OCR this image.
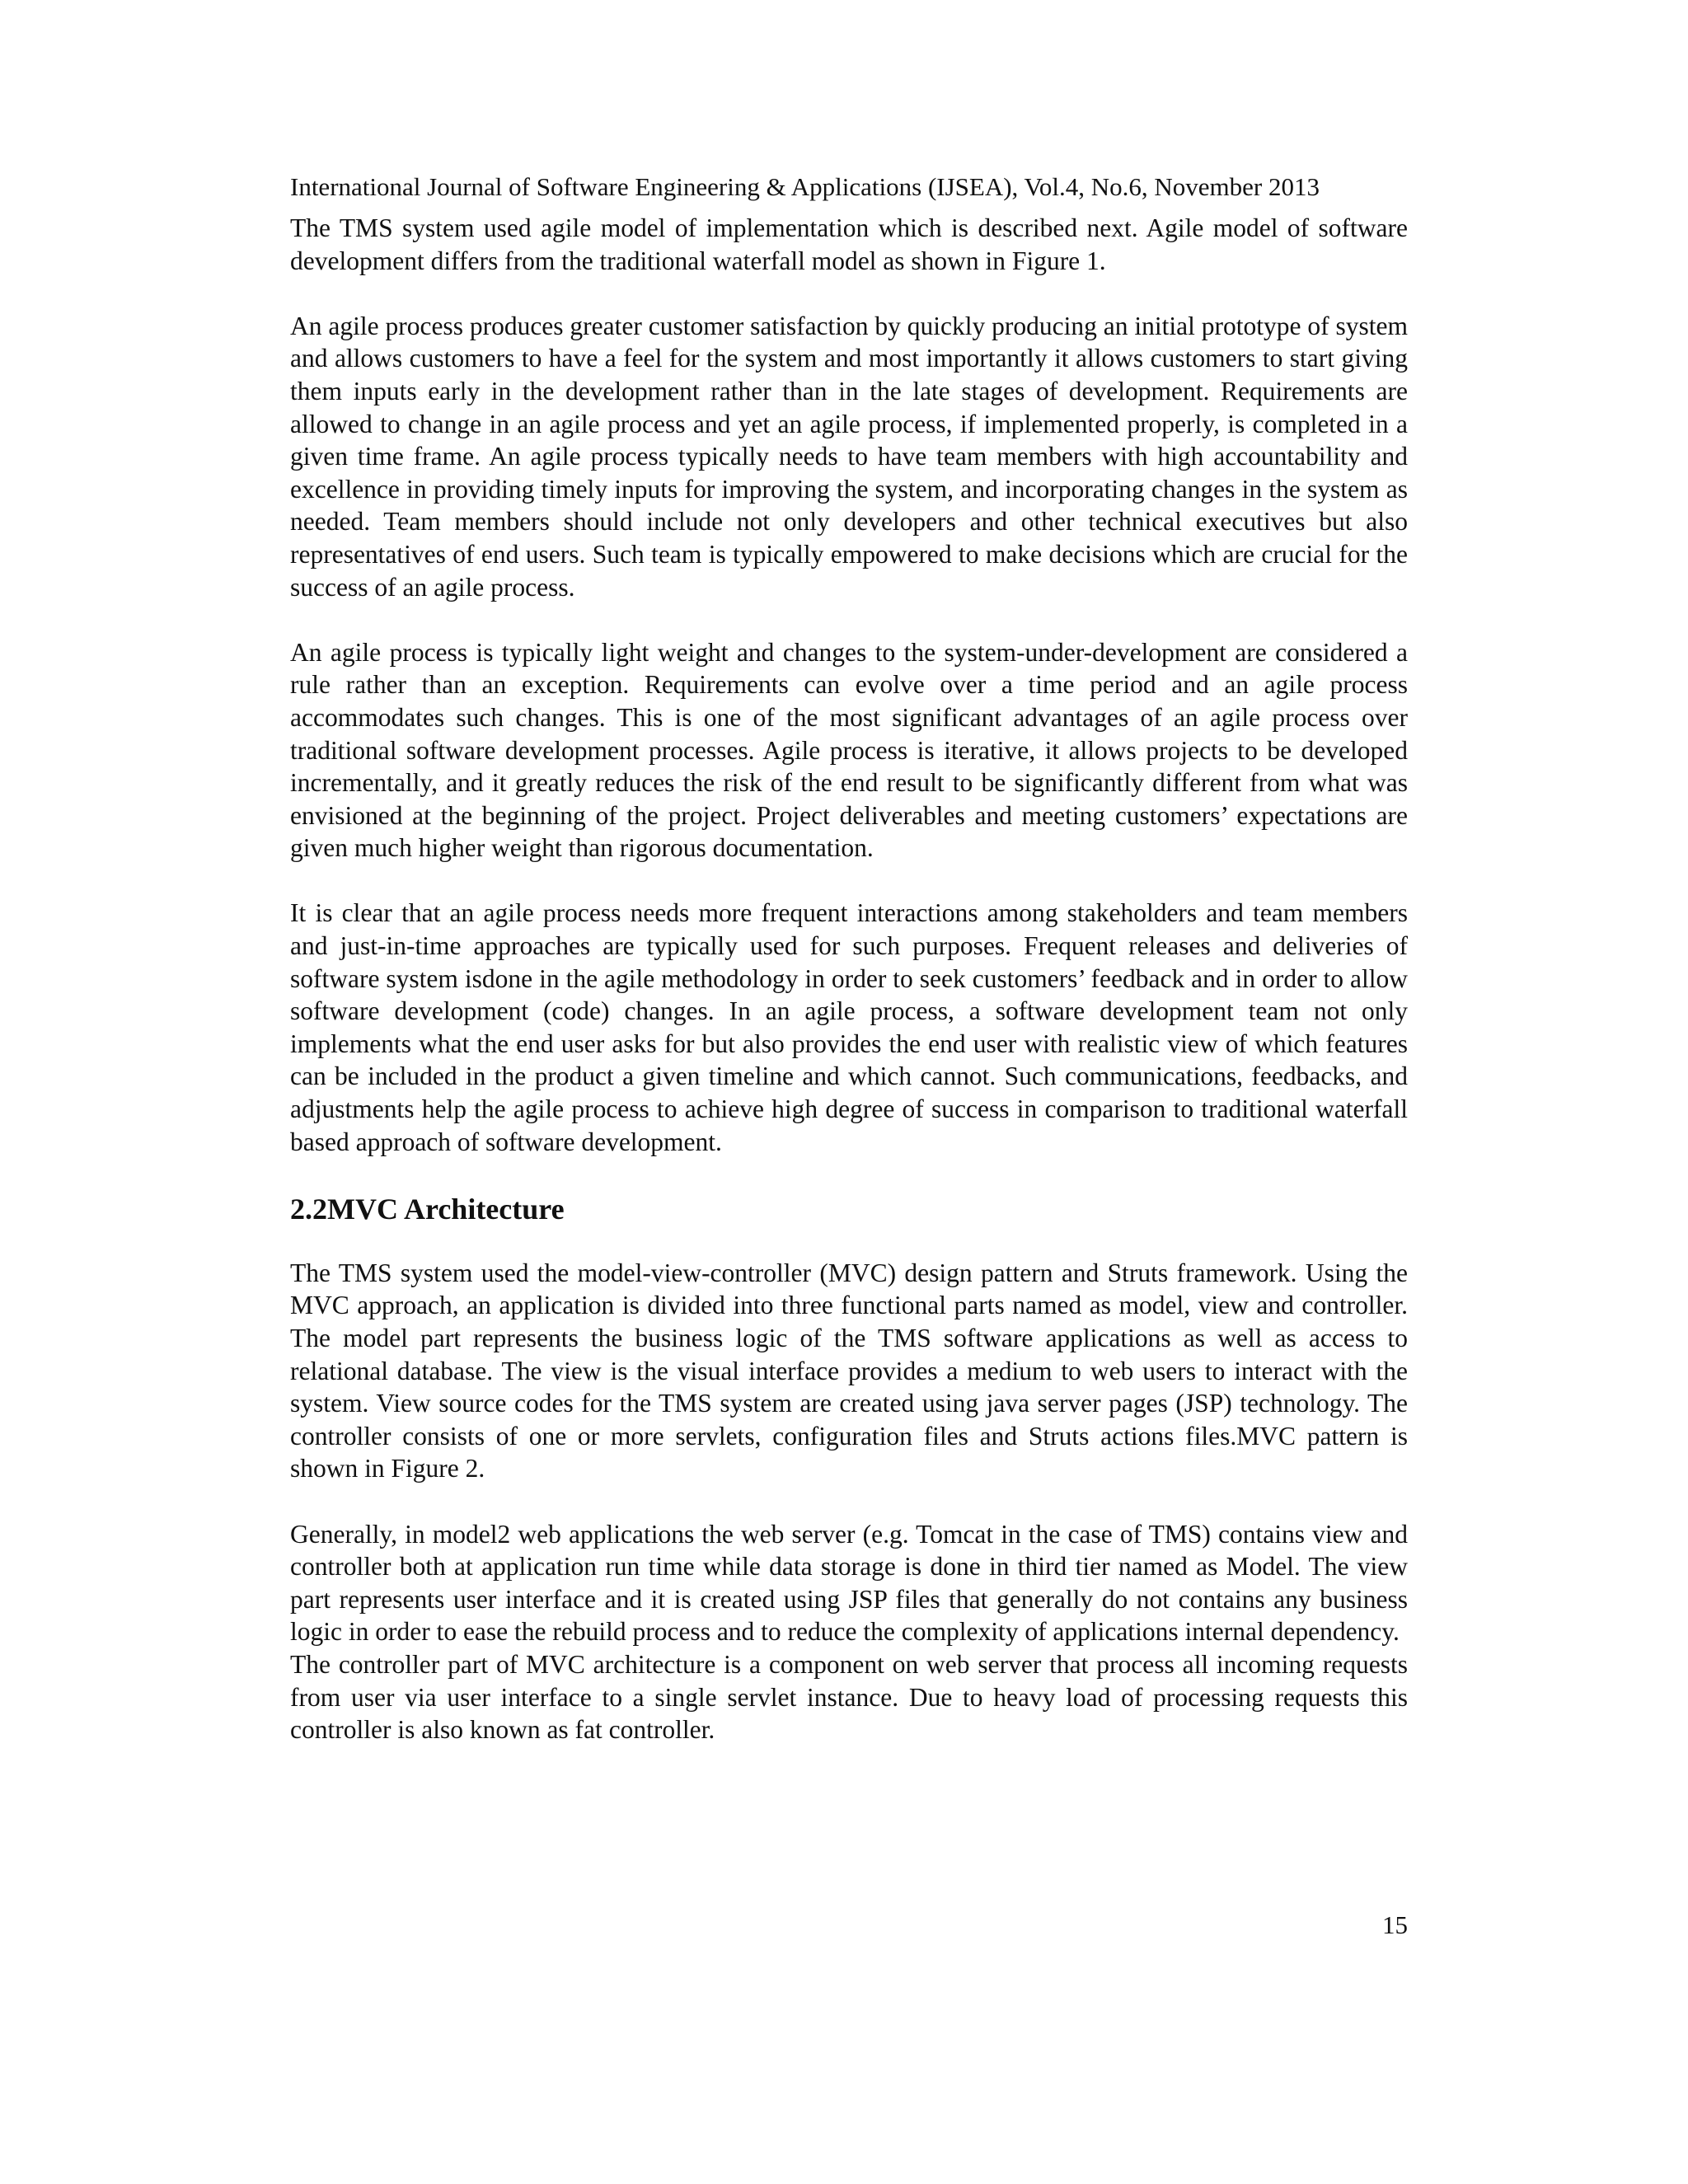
International Journal of Software Engineering & Applications (IJSEA), Vol.4, No.6, November 2013

The TMS system used agile model of implementation which is described next. Agile model of software development differs from the traditional waterfall model as shown in Figure 1.

An agile process produces greater customer satisfaction by quickly producing an initial prototype of system and allows customers to have a feel for the system and most importantly it allows customers to start giving them inputs early in the development rather than in the late stages of development. Requirements are allowed to change in an agile process and yet an agile process, if implemented properly, is completed in a given time frame. An agile process typically needs to have team members with high accountability and excellence in providing timely inputs for improving the system, and incorporating changes in the system as needed. Team members should include not only developers and other technical executives but also representatives of end users. Such team is typically empowered to make decisions which are crucial for the success of an agile process.

An agile process is typically light weight and changes to the system-under-development are considered a rule rather than an exception. Requirements can evolve over a time period and an agile process accommodates such changes. This is one of the most significant advantages of an agile process over traditional software development processes. Agile process is iterative, it allows projects to be developed incrementally, and it greatly reduces the risk of the end result to be significantly different from what was envisioned at the beginning of the project. Project deliverables and meeting customers’ expectations are given much higher weight than rigorous documentation.

It is clear that an agile process needs more frequent interactions among stakeholders and team members and just-in-time approaches are typically used for such purposes. Frequent releases and deliveries of software system isdone in the agile methodology in order to seek customers’ feedback and in order to allow software development (code) changes. In an agile process, a software development team not only implements what the end user asks for but also provides the end user with realistic view of which features can be included in the product a given timeline and which cannot. Such communications, feedbacks, and adjustments help the agile process to achieve high degree of success in comparison to traditional waterfall based approach of software development.

2.2MVC Architecture

The TMS system used the model-view-controller (MVC) design pattern and Struts framework. Using the MVC approach, an application is divided into three functional parts named as model, view and controller. The model part represents the business logic of the TMS software applications as well as access to relational database. The view is the visual interface provides a medium to web users to interact with the system. View source codes for the TMS system are created using java server pages (JSP) technology. The controller consists of one or more servlets, configuration files and Struts actions files.MVC pattern is shown in Figure 2.

Generally, in model2 web applications the web server (e.g. Tomcat in the case of TMS) contains view and controller both at application run time while data storage is done in third tier named as Model. The view part represents user interface and it is created using JSP files that generally do not contains any business logic in order to ease the rebuild process and to reduce the complexity of applications internal dependency.

The controller part of MVC architecture is a component on web server that process all incoming requests from user via user interface to a single servlet instance. Due to heavy load of processing requests this controller is also known as fat controller.

15
